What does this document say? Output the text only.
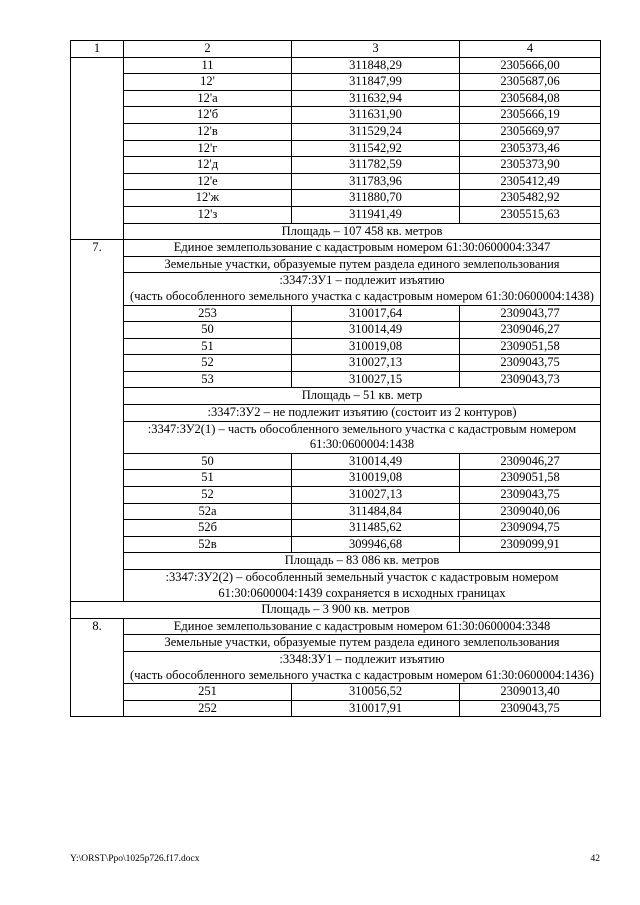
1	2	3	4
	11	311848,29	2305666,00
	12'	311847,99	2305687,06
	12'а	311632,94	2305684,08
	12'б	311631,90	2305666,19
	12'в	311529,24	2305669,97
	12'г	311542,92	2305373,46
	12'д	311782,59	2305373,90
	12'е	311783,96	2305412,49
	12'ж	311880,70	2305482,92
	12'з	311941,49	2305515,63
	Площадь – 107 458 кв. метров		
7.	Единое землепользование с кадастровым номером 61:30:0600004:3347		
	Земельные участки, образуемые путем раздела единого землепользования		
	:3347:ЗУ1 – подлежит изъятию
(часть обособленного земельного участка с кадастровым номером 61:30:0600004:1438)		
	253	310017,64	2309043,77
	50	310014,49	2309046,27
	51	310019,08	2309051,58
	52	310027,13	2309043,75
	53	310027,15	2309043,73
	Площадь – 51 кв. метр		
	:3347:ЗУ2 – не подлежит изъятию (состоит из 2 контуров)		
	:3347:ЗУ2(1) – часть обособленного земельного участка с кадастровым номером 61:30:0600004:1438		
	50	310014,49	2309046,27
	51	310019,08	2309051,58
	52	310027,13	2309043,75
	52а	311484,84	2309040,06
	52б	311485,62	2309094,75
	52в	309946,68	2309099,91
	Площадь – 83 086 кв. метров		
	:3347:ЗУ2(2) – обособленный земельный участок с кадастровым номером 61:30:0600004:1439 сохраняется в исходных границах		
Площадь – 3 900 кв. метров			
8.	Единое землепользование с кадастровым номером 61:30:0600004:3348		
	Земельные участки, образуемые путем раздела единого землепользования		
	:3348:ЗУ1 – подлежит изъятию
(часть обособленного земельного участка с кадастровым номером 61:30:0600004:1436)		
	251	310056,52	2309013,40
	252	310017,91	2309043,75
Y:\ORST\Ppo\1025p726.f17.docx	42
